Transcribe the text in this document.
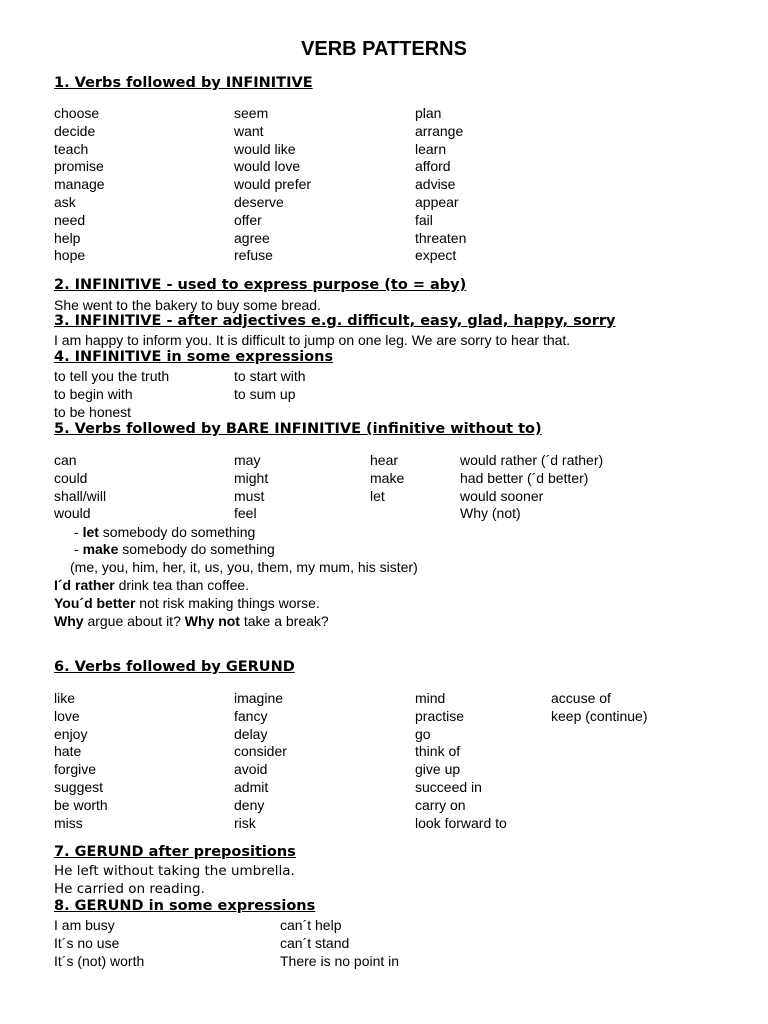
VERB PATTERNS
1. Verbs followed by INFINITIVE
choose
decide
teach
promise
manage
ask
need
help
hope
seem
want
would like
would love
would prefer
deserve
offer
agree
refuse
plan
arrange
learn
afford
advise
appear
fail
threaten
expect
2. INFINITIVE - used to express purpose (to = aby)
She went to the bakery to buy some bread.
3. INFINITIVE - after adjectives e.g. difficult, easy, glad, happy, sorry
I am happy to inform you. It is difficult to jump on one leg. We are sorry to hear that.
4. INFINITIVE in some expressions
to tell you the truth
to begin with
to be honest
to start with
to sum up
5. Verbs followed by BARE INFINITIVE (infinitive without to)
can
could
shall/will
would
may
might
must
feel
hear
make
let
would rather (´d rather)
had better (´d better)
would sooner
Why (not)
- let somebody do something
- make somebody do something
(me, you, him, her, it, us, you, them, my mum, his sister)
I´d rather drink tea than coffee.
You´d better not risk making things worse.
Why argue about it? Why not take a break?
6. Verbs followed by GERUND
like
love
enjoy
hate
forgive
suggest
be worth
miss
imagine
fancy
delay
consider
avoid
admit
deny
risk
mind
practise
go
think of
give up
succeed in
carry on
look forward to
accuse of
keep (continue)
7. GERUND after prepositions
He left without taking the umbrella.
He carried on reading.
8. GERUND in some expressions
I am busy
It´s no use
It´s (not) worth
can´t help
can´t stand
There is no point in
